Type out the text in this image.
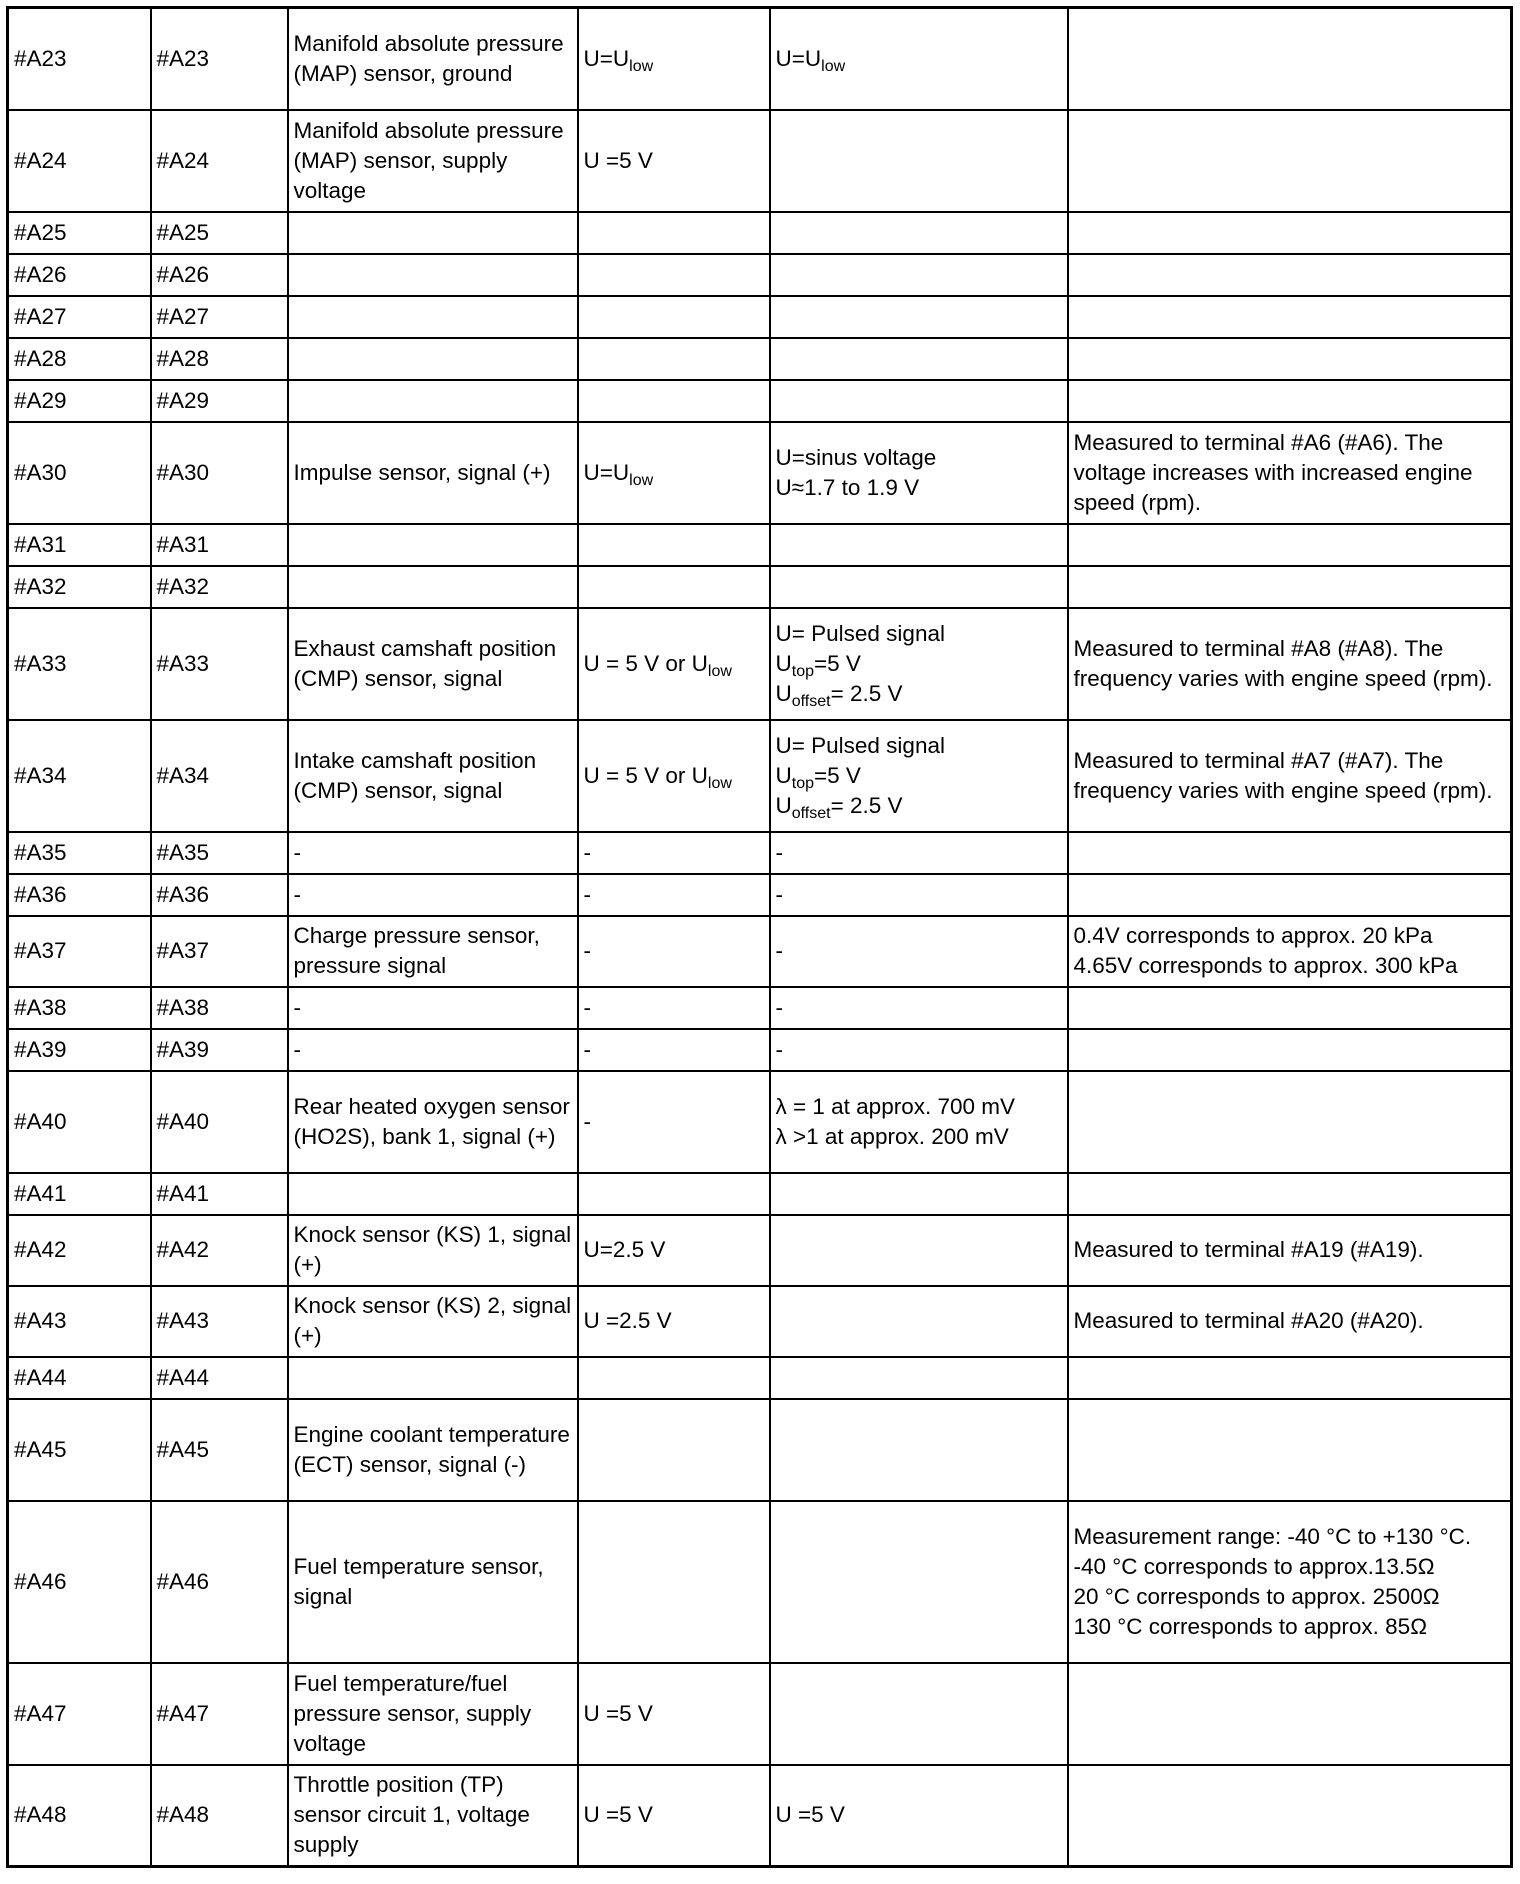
#A23	#A23	Manifold absolute pressure (MAP) sensor, ground	$U=U_{low}$	$U=U_{low}$

#A24	#A24	Manifold absolute pressure (MAP) sensor, supply voltage	U =5 V		
#A25	#A25				
#A26	#A26				
#A27	#A27				
#A28	#A28				
#A29	#A29				
#A30	#A30	Impulse sensor, signal (+)	$U=U_{low}$	U=sinus voltage
U≈1.7 to 1.9 V	Measured to terminal #A6 (#A6). The voltage increases with increased engine speed (rpm).

#A31	#A31				
#A32	#A32				
#A33	#A33	Exhaust camshaft position (CMP) sensor, signal	U = 5 V or $U_{low}$	U= Pulsed signal
$U_{top}=5$ V
$U_{offset}= 2.5$ V	Measured to terminal #A8 (#A8). The frequency varies with engine speed (rpm).

#A34	#A34	Intake camshaft position (CMP) sensor, signal	U = 5 V or $U_{low}$	U= Pulsed signal
$U_{top}=5$ V
$U_{offset}= 2.5$ V	Measured to terminal #A7 (#A7). The frequency varies with engine speed (rpm).

#A35	#A35	-	-	-	

#A36	#A36	-	-	-	

#A37	#A37	Charge pressure sensor, pressure signal	-	-	0.4V corresponds to approx. 20 kPa
4.65V corresponds to approx. 300 kPa

#A38	#A38	-	-	-	

#A39	#A39	-	-	-	

#A40	#A40	Rear heated oxygen sensor (HO2S), bank 1, signal (+)	-	λ = 1 at approx. 700 mV
λ >1 at approx. 200 mV	

#A41	#A41				
#A42	#A42	Knock sensor (KS) 1, signal (+)	U=2.5 V		Measured to terminal #A19 (#A19).

#A43	#A43	Knock sensor (KS) 2, signal (+)	U =2.5 V		Measured to terminal #A20 (#A20).

#A44	#A44				
#A45	#A45	Engine coolant temperature (ECT) sensor, signal (-)			
#A46	#A46	Fuel temperature sensor, signal			Measurement range: -40 °C to +130 °C.
-40 °C corresponds to approx.13.5Ω
20 °C corresponds to approx. 2500Ω
130 °C corresponds to approx. 85Ω

#A47	#A47	Fuel temperature/fuel pressure sensor, supply voltage	U =5 V		
#A48	#A48	Throttle position (TP) sensor circuit 1, voltage supply	U =5 V	U =5 V	
